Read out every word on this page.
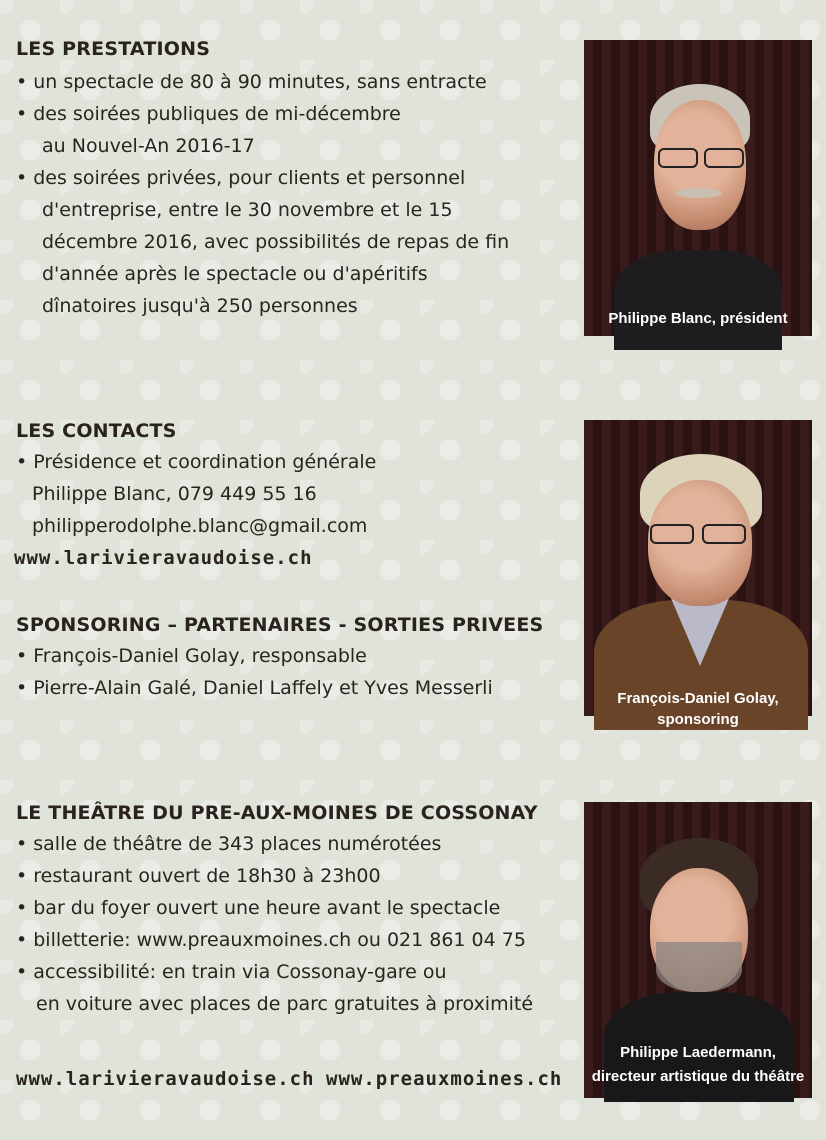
LES PRESTATIONS
• un spectacle de 80 à 90 minutes, sans entracte
• des soirées publiques de mi-décembre
au Nouvel-An 2016-17
• des soirées privées, pour clients et personnel
d'entreprise, entre le 30 novembre et le 15
décembre 2016, avec possibilités de repas de fin
d'année après le spectacle ou d'apéritifs
dînatoires jusqu'à 250 personnes
LES CONTACTS
• Présidence et coordination générale
Philippe Blanc, 079 449 55 16
philipperodolphe.blanc@gmail.com
www.larivieravaudoise.ch
SPONSORING – PARTENAIRES - SORTIES PRIVEES
• François-Daniel Golay, responsable
• Pierre-Alain Galé, Daniel Laffely et Yves Messerli
LE THEÂTRE DU PRE-AUX-MOINES DE COSSONAY
• salle de théâtre de 343 places numérotées
• restaurant ouvert de 18h30 à 23h00
• bar du foyer ouvert une heure avant le spectacle
• billetterie: www.preauxmoines.ch ou 021 861 04 75
• accessibilité: en train via Cossonay-gare ou
en voiture avec places de parc gratuites à proximité
www.larivieravaudoise.ch www.preauxmoines.ch
Philippe Blanc, président
François-Daniel Golay, sponsoring
Philippe Laedermann,
directeur artistique du théâtre
